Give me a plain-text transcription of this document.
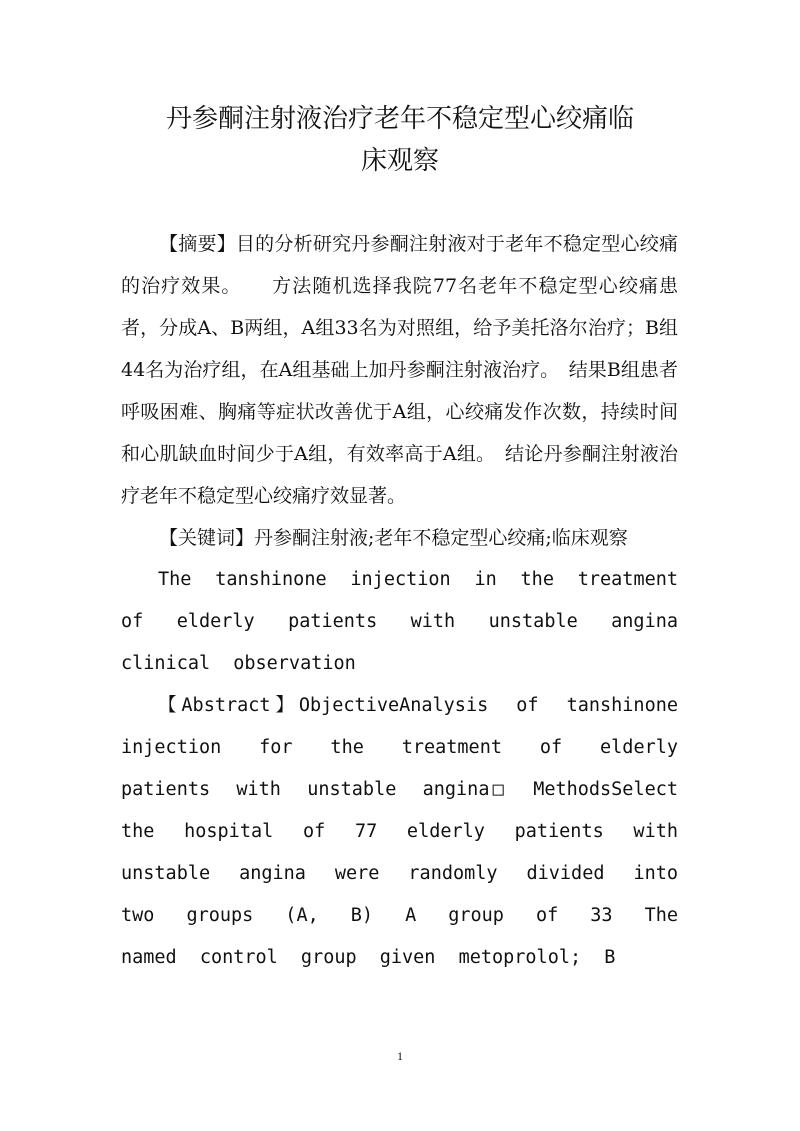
丹参酮注射液治疗老年不稳定型心绞痛临
床观察

【摘要】目的分析研究丹参酮注射液对于老年不稳定型心绞痛的治疗效果。　　方法随机选择我院77名老年不稳定型心绞痛患者，分成A、B两组，A组33名为对照组，给予美托洛尔治疗；B组44名为治疗组，在A组基础上加丹参酮注射液治疗。　结果B组患者呼吸困难、胸痛等症状改善优于A组，心绞痛发作次数，持续时间和心肌缺血时间少于A组，有效率高于A组。　结论丹参酮注射液治疗老年不稳定型心绞痛疗效显著。

【关键词】丹参酮注射液;老年不稳定型心绞痛;临床观察

The tanshinone injection in the treatment of elderly patients with unstable angina clinical observation

【Abstract】ObjectiveAnalysis of tanshinone injection for the treatment of elderly patients with unstable angina□ MethodsSelect the hospital of 77 elderly patients with unstable angina were randomly divided into two groups (A, B) A group of 33 The named control group given metoprolol; B

1
